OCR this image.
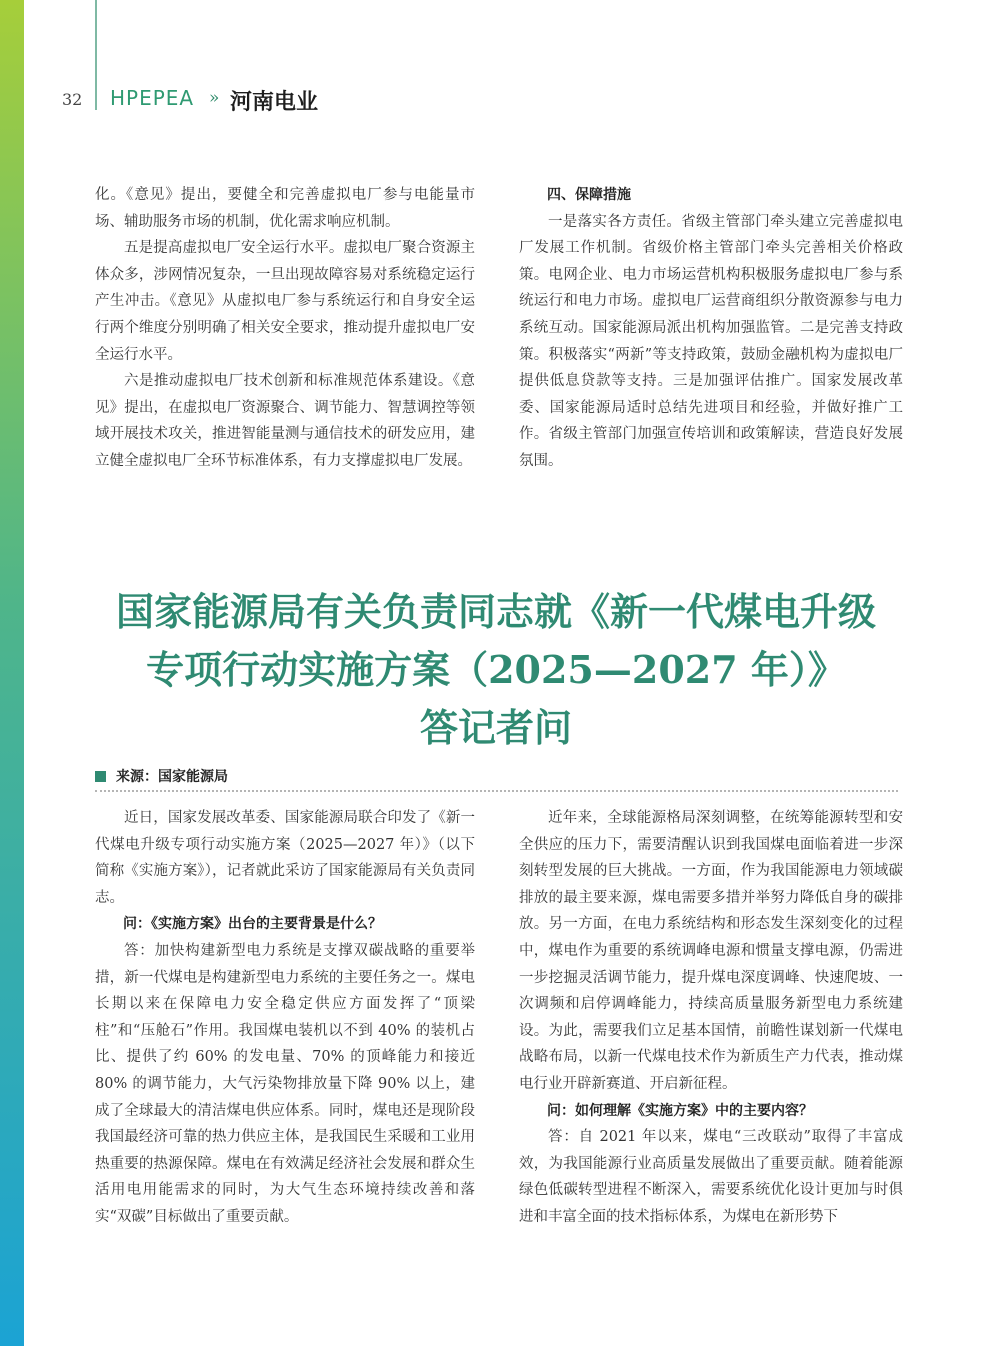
32 HPEPEA » 河南电业

化。《意见》提出，要健全和完善虚拟电厂参与电能量市场、辅助服务市场的机制，优化需求响应机制。

五是提高虚拟电厂安全运行水平。虚拟电厂聚合资源主体众多，涉网情况复杂，一旦出现故障容易对系统稳定运行产生冲击。《意见》从虚拟电厂参与系统运行和自身安全运行两个维度分别明确了相关安全要求，推动提升虚拟电厂安全运行水平。

六是推动虚拟电厂技术创新和标准规范体系建设。《意见》提出，在虚拟电厂资源聚合、调节能力、智慧调控等领域开展技术攻关，推进智能量测与通信技术的研发应用，建立健全虚拟电厂全环节标准体系，有力支撑虚拟电厂发展。

四、保障措施

一是落实各方责任。省级主管部门牵头建立完善虚拟电厂发展工作机制。省级价格主管部门牵头完善相关价格政策。电网企业、电力市场运营机构积极服务虚拟电厂参与系统运行和电力市场。虚拟电厂运营商组织分散资源参与电力系统互动。国家能源局派出机构加强监管。二是完善支持政策。积极落实“两新”等支持政策，鼓励金融机构为虚拟电厂提供低息贷款等支持。三是加强评估推广。国家发展改革委、国家能源局适时总结先进项目和经验，并做好推广工作。省级主管部门加强宣传培训和政策解读，营造良好发展氛围。

国家能源局有关负责同志就《新一代煤电升级
专项行动实施方案（2025—2027 年）》
答记者问
来源：国家能源局

近日，国家发展改革委、国家能源局联合印发了《新一代煤电升级专项行动实施方案（2025—2027 年）》（以下简称《实施方案》），记者就此采访了国家能源局有关负责同志。

问：《实施方案》出台的主要背景是什么？

答：加快构建新型电力系统是支撑双碳战略的重要举措，新一代煤电是构建新型电力系统的主要任务之一。煤电长期以来在保障电力安全稳定供应方面发挥了“顶梁柱”和“压舱石”作用。我国煤电装机以不到 40% 的装机占比、提供了约 60% 的发电量、70% 的顶峰能力和接近 80% 的调节能力，大气污染物排放量下降 90% 以上，建成了全球最大的清洁煤电供应体系。同时，煤电还是现阶段我国最经济可靠的热力供应主体，是我国民生采暖和工业用热重要的热源保障。煤电在有效满足经济社会发展和群众生活用电用能需求的同时，为大气生态环境持续改善和落实“双碳”目标做出了重要贡献。

近年来，全球能源格局深刻调整，在统筹能源转型和安全供应的压力下，需要清醒认识到我国煤电面临着进一步深刻转型发展的巨大挑战。一方面，作为我国能源电力领域碳排放的最主要来源，煤电需要多措并举努力降低自身的碳排放。另一方面，在电力系统结构和形态发生深刻变化的过程中，煤电作为重要的系统调峰电源和惯量支撑电源，仍需进一步挖掘灵活调节能力，提升煤电深度调峰、快速爬坡、一次调频和启停调峰能力，持续高质量服务新型电力系统建设。为此，需要我们立足基本国情，前瞻性谋划新一代煤电战略布局，以新一代煤电技术作为新质生产力代表，推动煤电行业开辟新赛道、开启新征程。

问：如何理解《实施方案》中的主要内容？

答：自 2021 年以来，煤电“三改联动”取得了丰富成效，为我国能源行业高质量发展做出了重要贡献。随着能源绿色低碳转型进程不断深入，需要系统优化设计更加与时俱进和丰富全面的技术指标体系，为煤电在新形势下
